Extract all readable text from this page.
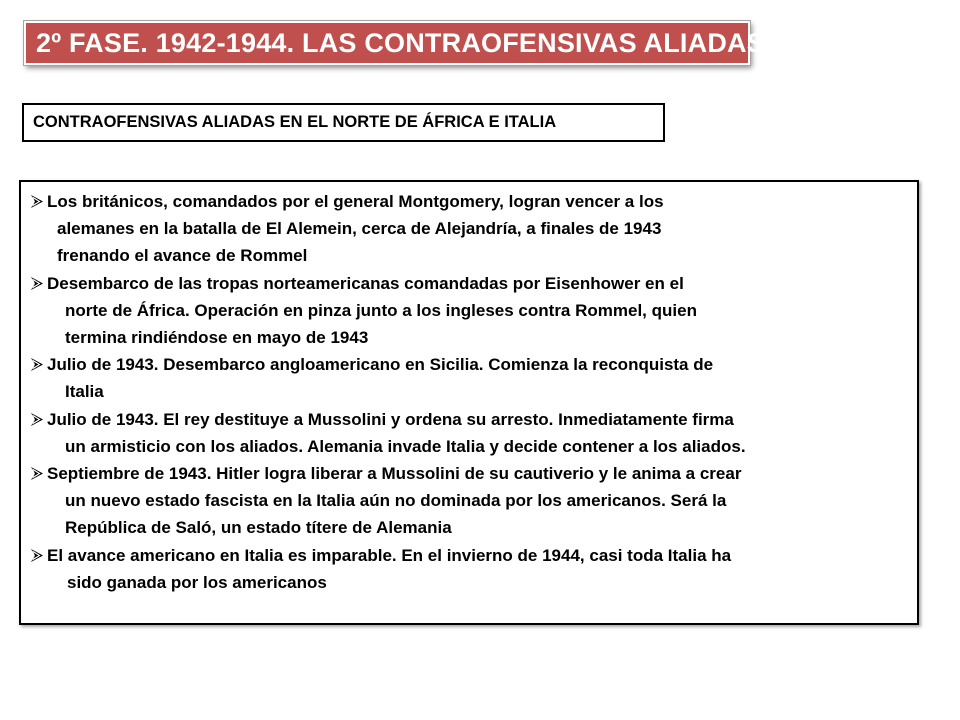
2º FASE. 1942-1944. LAS CONTRAOFENSIVAS ALIADAS
CONTRAOFENSIVAS ALIADAS EN EL NORTE DE ÁFRICA E ITALIA
Los británicos, comandados por el general Montgomery, logran vencer a los
alemanes en la batalla de El Alemein, cerca de Alejandría, a finales de 1943
frenando el avance de Rommel
Desembarco de las tropas norteamericanas comandadas por Eisenhower en el
norte de África. Operación en pinza junto a los ingleses contra Rommel, quien
termina rindiéndose en mayo de 1943
Julio de 1943. Desembarco angloamericano en Sicilia. Comienza la reconquista de
Italia
Julio de 1943. El rey destituye a Mussolini y ordena su arresto. Inmediatamente firma
un armisticio con los aliados. Alemania invade Italia y decide contener a los aliados.
Septiembre de 1943. Hitler logra liberar a Mussolini de su cautiverio y le anima a crear
un nuevo estado fascista en la Italia aún no dominada por los americanos. Será la
República de Saló, un estado títere de Alemania
El avance americano en Italia es imparable. En el invierno de 1944, casi toda Italia ha
sido ganada por los americanos
